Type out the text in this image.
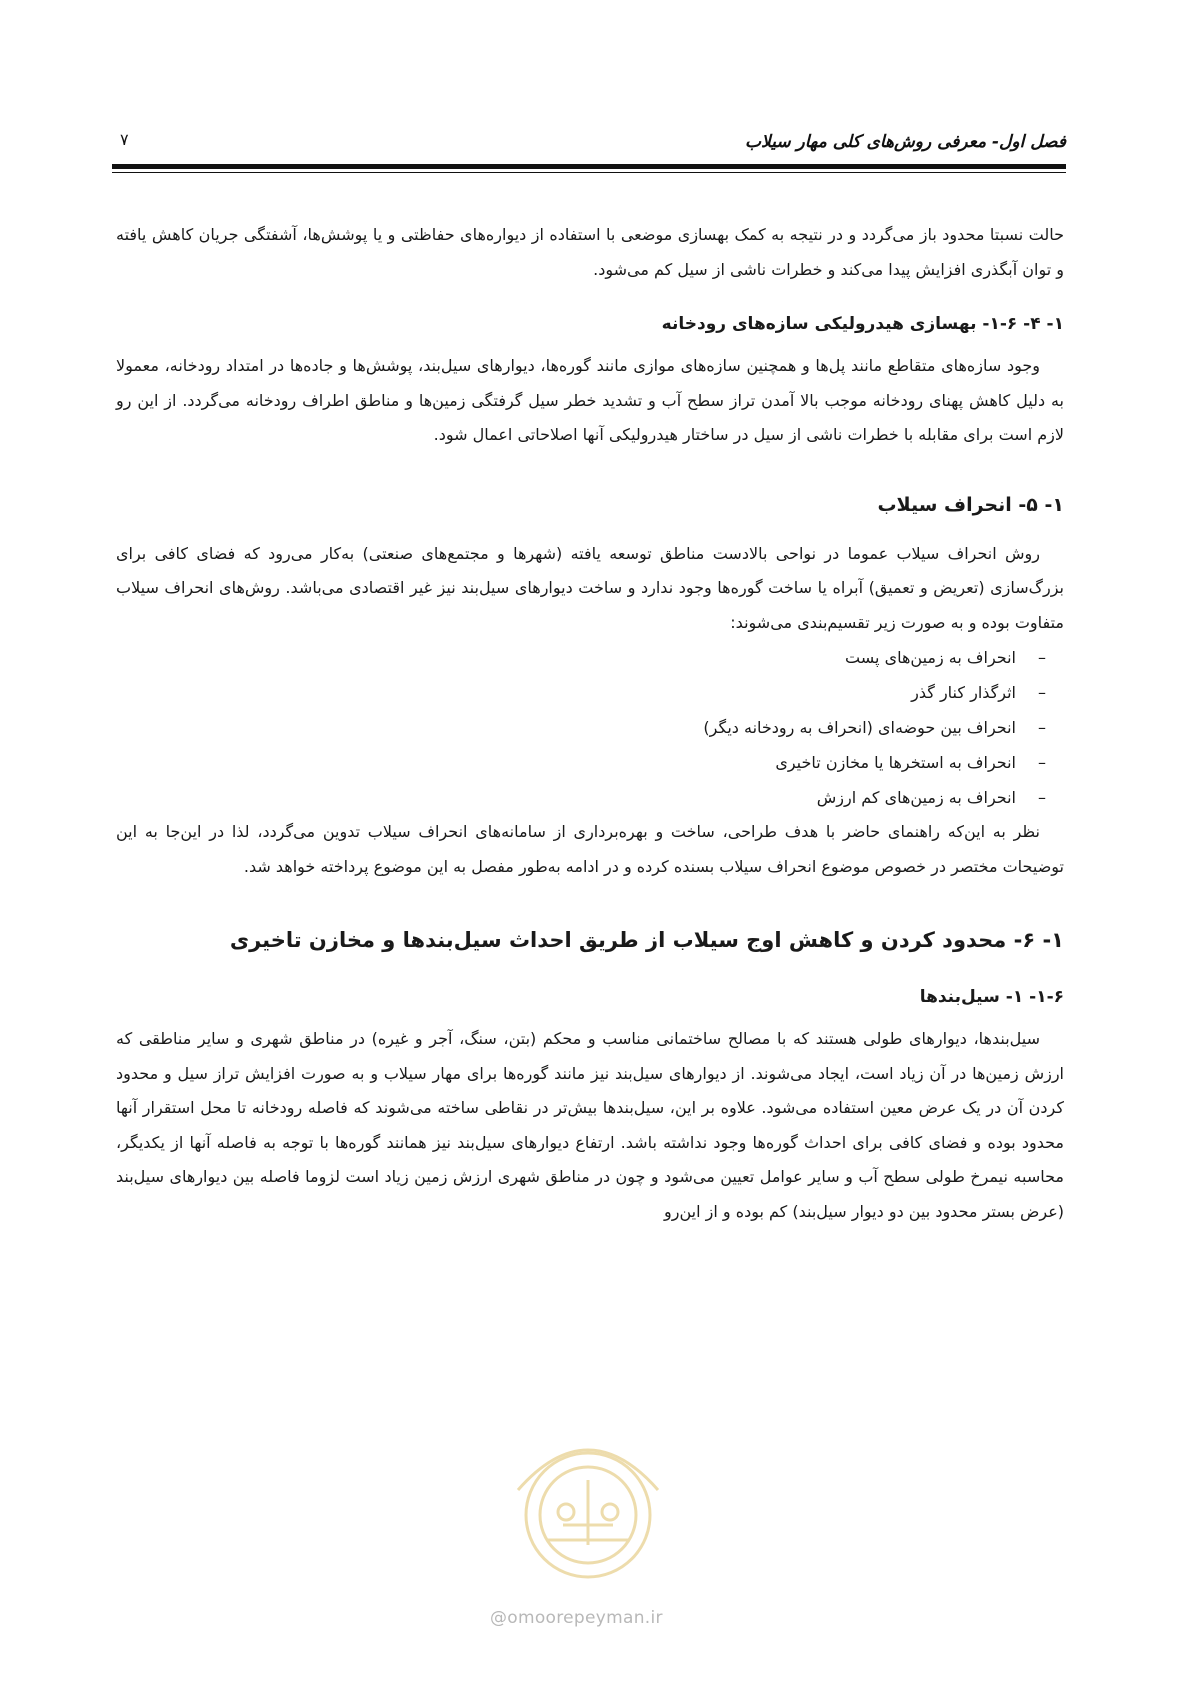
فصل اول- معرفی روش‌های کلی مهار سیلاب
۷

حالت نسبتا محدود باز می‌گردد و در نتیجه به کمک بهسازی موضعی با استفاده از دیواره‌های حفاظتی و یا پوشش‌ها، آشفتگی جریان کاهش یافته و توان آبگذری افزایش پیدا می‌کند و خطرات ناشی از سیل کم می‌شود.

۱- ۴- ۱-۶- بهسازی هیدرولیکی سازه‌های رودخانه

وجود سازه‌های متقاطع مانند پل‌ها و همچنین سازه‌های موازی مانند گوره‌ها، دیوارهای سیل‌بند، پوشش‌ها و جاده‌ها در امتداد رودخانه، معمولا به دلیل کاهش پهنای رودخانه موجب بالا آمدن تراز سطح آب و تشدید خطر سیل گرفتگی زمین‌ها و مناطق اطراف رودخانه می‌گردد. از این رو لازم است برای مقابله با خطرات ناشی از سیل در ساختار هیدرولیکی آنها اصلاحاتی اعمال شود.

۱- ۵- انحراف سیلاب

روش انحراف سیلاب عموما در نواحی بالادست مناطق توسعه یافته (شهرها و مجتمع‌های صنعتی) به‌کار می‌رود که فضای کافی برای بزرگ‌سازی (تعریض و تعمیق) آبراه یا ساخت گوره‌ها وجود ندارد و ساخت دیوارهای سیل‌بند نیز غیر اقتصادی می‌باشد. روش‌های انحراف سیلاب متفاوت بوده و به صورت زیر تقسیم‌بندی می‌شوند:

–انحراف به زمین‌های پست
–اثرگذار کنار گذر
–انحراف بین حوضه‌ای (انحراف به رودخانه دیگر)
–انحراف به استخرها یا مخازن تاخیری
–انحراف به زمین‌های کم ارزش

نظر به این‌که راهنمای حاضر با هدف طراحی، ساخت و بهره‌برداری از سامانه‌های انحراف سیلاب تدوین می‌گردد، لذا در این‌جا به این توضیحات مختصر در خصوص موضوع انحراف سیلاب بسنده کرده و در ادامه به‌طور مفصل به این موضوع پرداخته خواهد شد.

۱- ۶- محدود کردن و کاهش اوج سیلاب از طریق احداث سیل‌بندها و مخازن تاخیری
۱-۶- ۱- سیل‌بندها

سیل‌بندها، دیوارهای طولی هستند که با مصالح ساختمانی مناسب و محکم (بتن، سنگ، آجر و غیره) در مناطق شهری و سایر مناطقی که ارزش زمین‌ها در آن زیاد است، ایجاد می‌شوند. از دیوارهای سیل‌بند نیز مانند گوره‌ها برای مهار سیلاب و به صورت افزایش تراز سیل و محدود کردن آن در یک عرض معین استفاده می‌شود. علاوه بر این، سیل‌بندها بیش‌تر در نقاطی ساخته می‌شوند که فاصله رودخانه تا محل استقرار آنها محدود بوده و فضای کافی برای احداث گوره‌ها وجود نداشته باشد. ارتفاع دیوارهای سیل‌بند نیز همانند گوره‌ها با توجه به فاصله آنها از یکدیگر، محاسبه نیمرخ طولی سطح آب و سایر عوامل تعیین می‌شود و چون در مناطق شهری ارزش زمین زیاد است لزوما فاصله بین دیوارهای سیل‌بند (عرض بستر محدود بین دو دیوار سیل‌بند) کم بوده و از این‌رو

@omoorepeyman.ir
